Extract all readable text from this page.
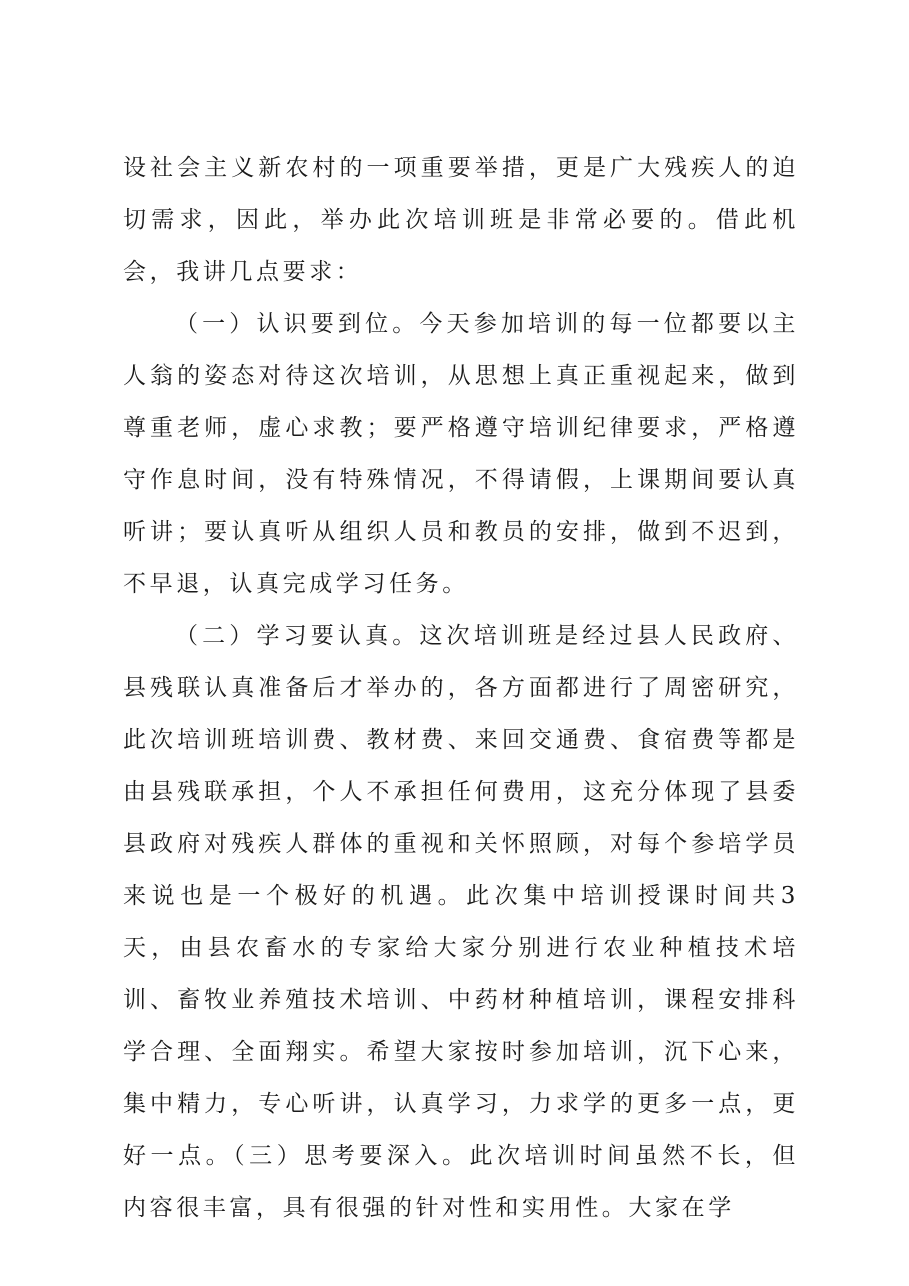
设社会主义新农村的一项重要举措，更是广大残疾人的迫切需求，因此，举办此次培训班是非常必要的。借此机会，我讲几点要求：

（一）认识要到位。今天参加培训的每一位都要以主人翁的姿态对待这次培训，从思想上真正重视起来，做到尊重老师，虚心求教；要严格遵守培训纪律要求，严格遵守作息时间，没有特殊情况，不得请假，上课期间要认真听讲；要认真听从组织人员和教员的安排，做到不迟到，不早退，认真完成学习任务。

（二）学习要认真。这次培训班是经过县人民政府、县残联认真准备后才举办的，各方面都进行了周密研究，此次培训班培训费、教材费、来回交通费、食宿费等都是由县残联承担，个人不承担任何费用，这充分体现了县委县政府对残疾人群体的重视和关怀照顾，对每个参培学员来说也是一个极好的机遇。此次集中培训授课时间共3天，由县农畜水的专家给大家分别进行农业种植技术培训、畜牧业养殖技术培训、中药材种植培训，课程安排科学合理、全面翔实。希望大家按时参加培训，沉下心来，集中精力，专心听讲，认真学习，力求学的更多一点，更好一点。（三）思考要深入。此次培训时间虽然不长，但内容很丰富，具有很强的针对性和实用性。大家在学
